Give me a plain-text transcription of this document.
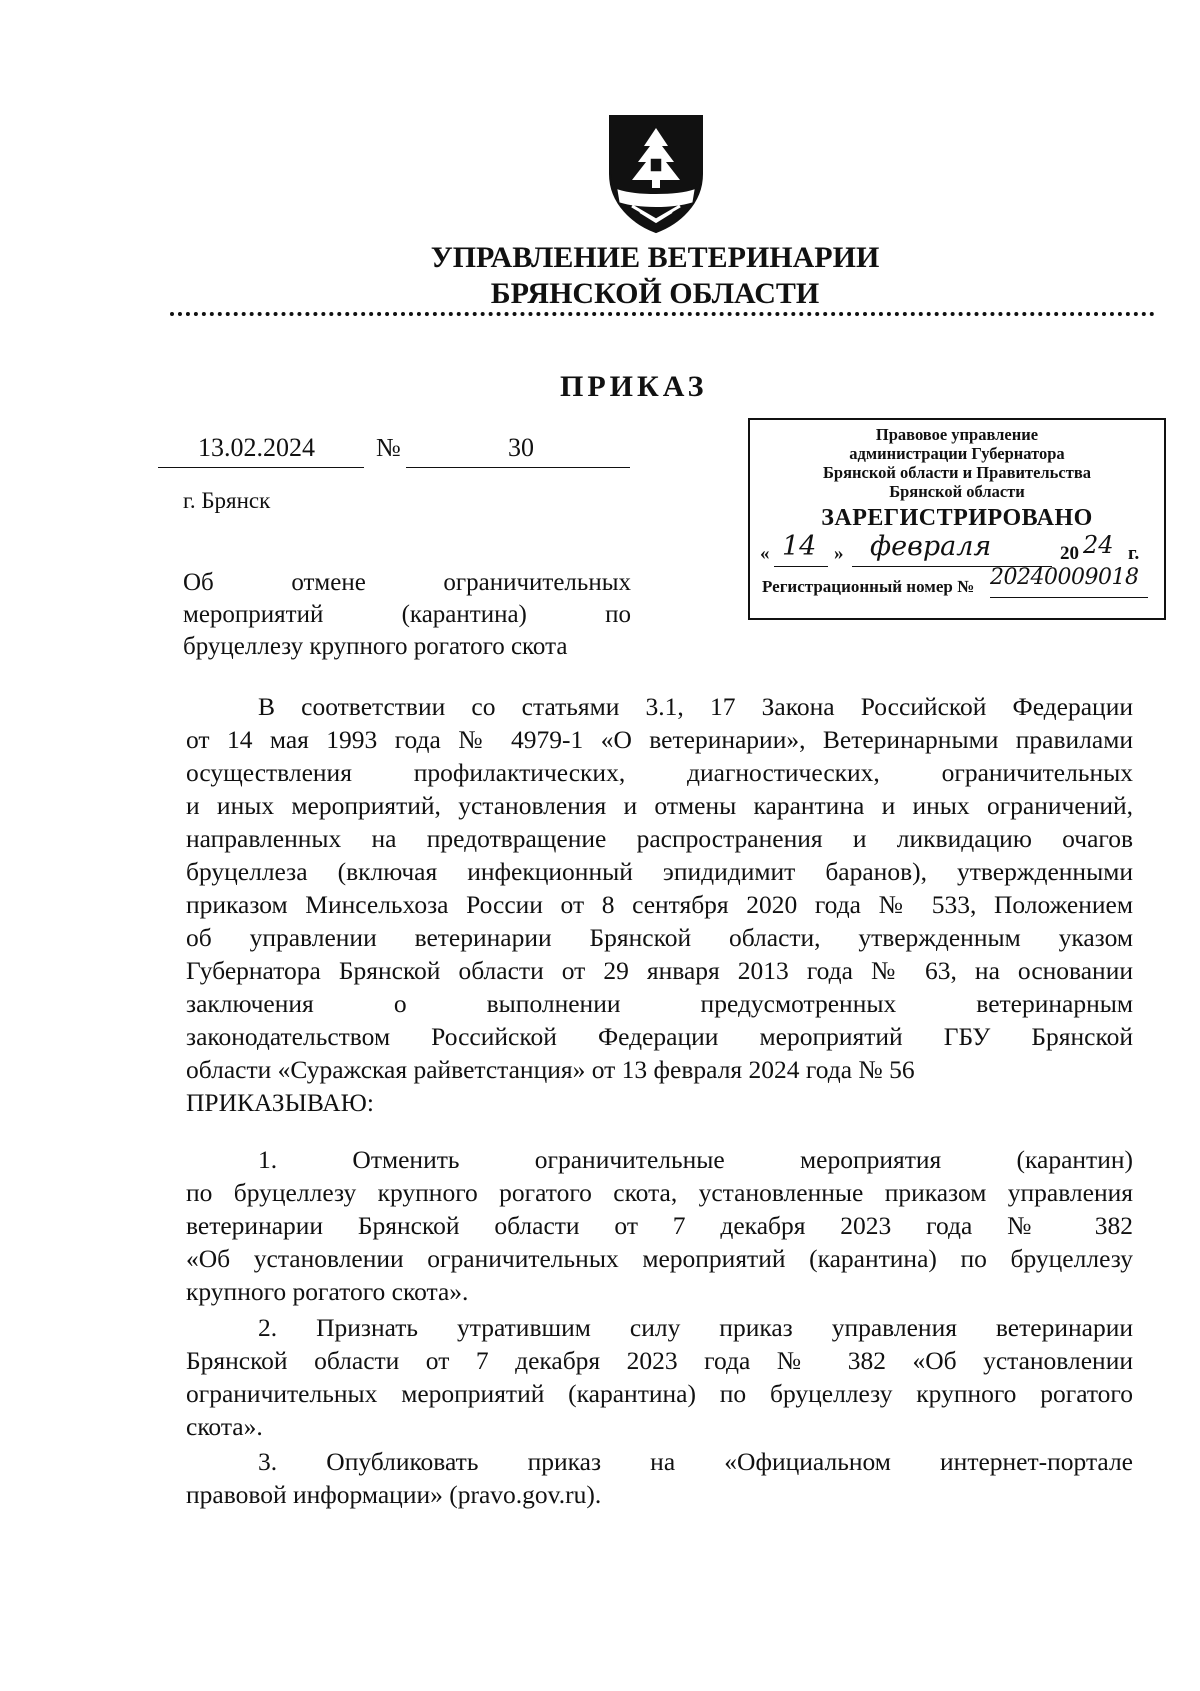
УПРАВЛЕНИЕ ВЕТЕРИНАРИИ
БРЯНСКОЙ ОБЛАСТИ
ПРИКАЗ
13.02.2024 №	30
г. Брянск
Об отмене ограничительных
мероприятий (карантина) по
бруцеллезу крупного рогатого скота
Правовое управление
администрации Губернатора
Брянской области и Правительства
Брянской области
ЗАРЕГИСТРИРОВАНО
« 14 » февраля	20 24 г.
Регистрационный номер № 20240009018
В соответствии со статьями 3.1, 17 Закона Российской Федерации
от 14 мая 1993 года № 4979-1 «О ветеринарии», Ветеринарными правилами
осуществления профилактических, диагностических, ограничительных
и иных мероприятий, установления и отмены карантина и иных ограничений,
направленных на предотвращение распространения и ликвидацию очагов
бруцеллеза (включая инфекционный эпидидимит баранов), утвержденными
приказом Минсельхоза России от 8 сентября 2020 года № 533, Положением
об управлении ветеринарии Брянской области, утвержденным указом
Губернатора Брянской области от 29 января 2013 года № 63, на основании
заключения о выполнении предусмотренных ветеринарным
законодательством Российской Федерации мероприятий ГБУ Брянской
области «Суражская райветстанция» от 13 февраля 2024 года № 56
ПРИКАЗЫВАЮ:
1. Отменить ограничительные мероприятия (карантин)
по бруцеллезу крупного рогатого скота, установленные приказом управления
ветеринарии Брянской области от 7 декабря 2023 года № 382
«Об установлении ограничительных мероприятий (карантина) по бруцеллезу
крупного рогатого скота».
2. Признать утратившим силу приказ управления ветеринарии
Брянской области от 7 декабря 2023 года № 382 «Об установлении
ограничительных мероприятий (карантина) по бруцеллезу крупного рогатого
скота».
3. Опубликовать приказ на «Официальном интернет-портале
правовой информации» (pravo.gov.ru).
